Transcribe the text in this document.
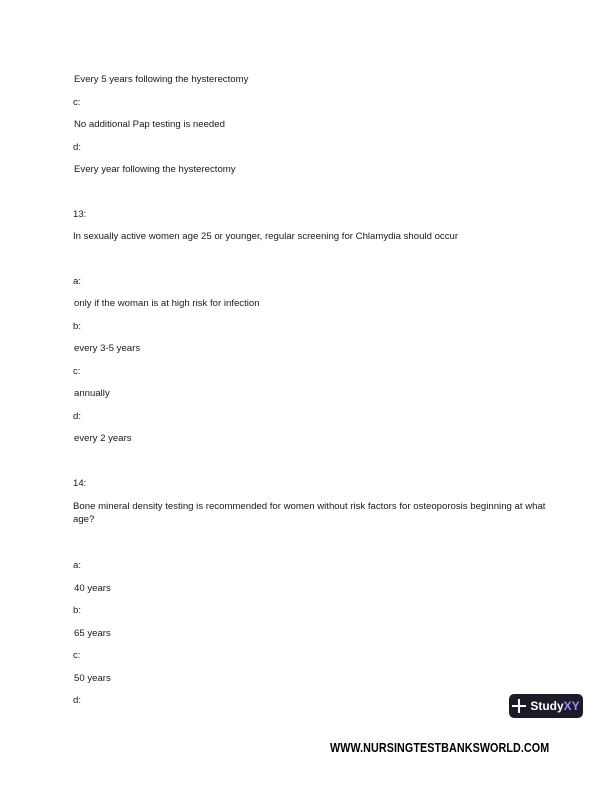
Every 5 years following the hysterectomy
c:
No additional Pap testing is needed
d:
Every year following the hysterectomy
13:
In sexually active women age 25 or younger, regular screening for Chlamydia should occur
a:
only if the woman is at high risk for infection
b:
every 3-5 years
c:
annually
d:
every 2 years
14:
Bone mineral density testing is recommended for women without risk factors for osteoporosis beginning at what age?
a:
40 years
b:
65 years
c:
50 years
d:	StudyXY
WWW.NURSINGTESTBANKSWORLD.COM
